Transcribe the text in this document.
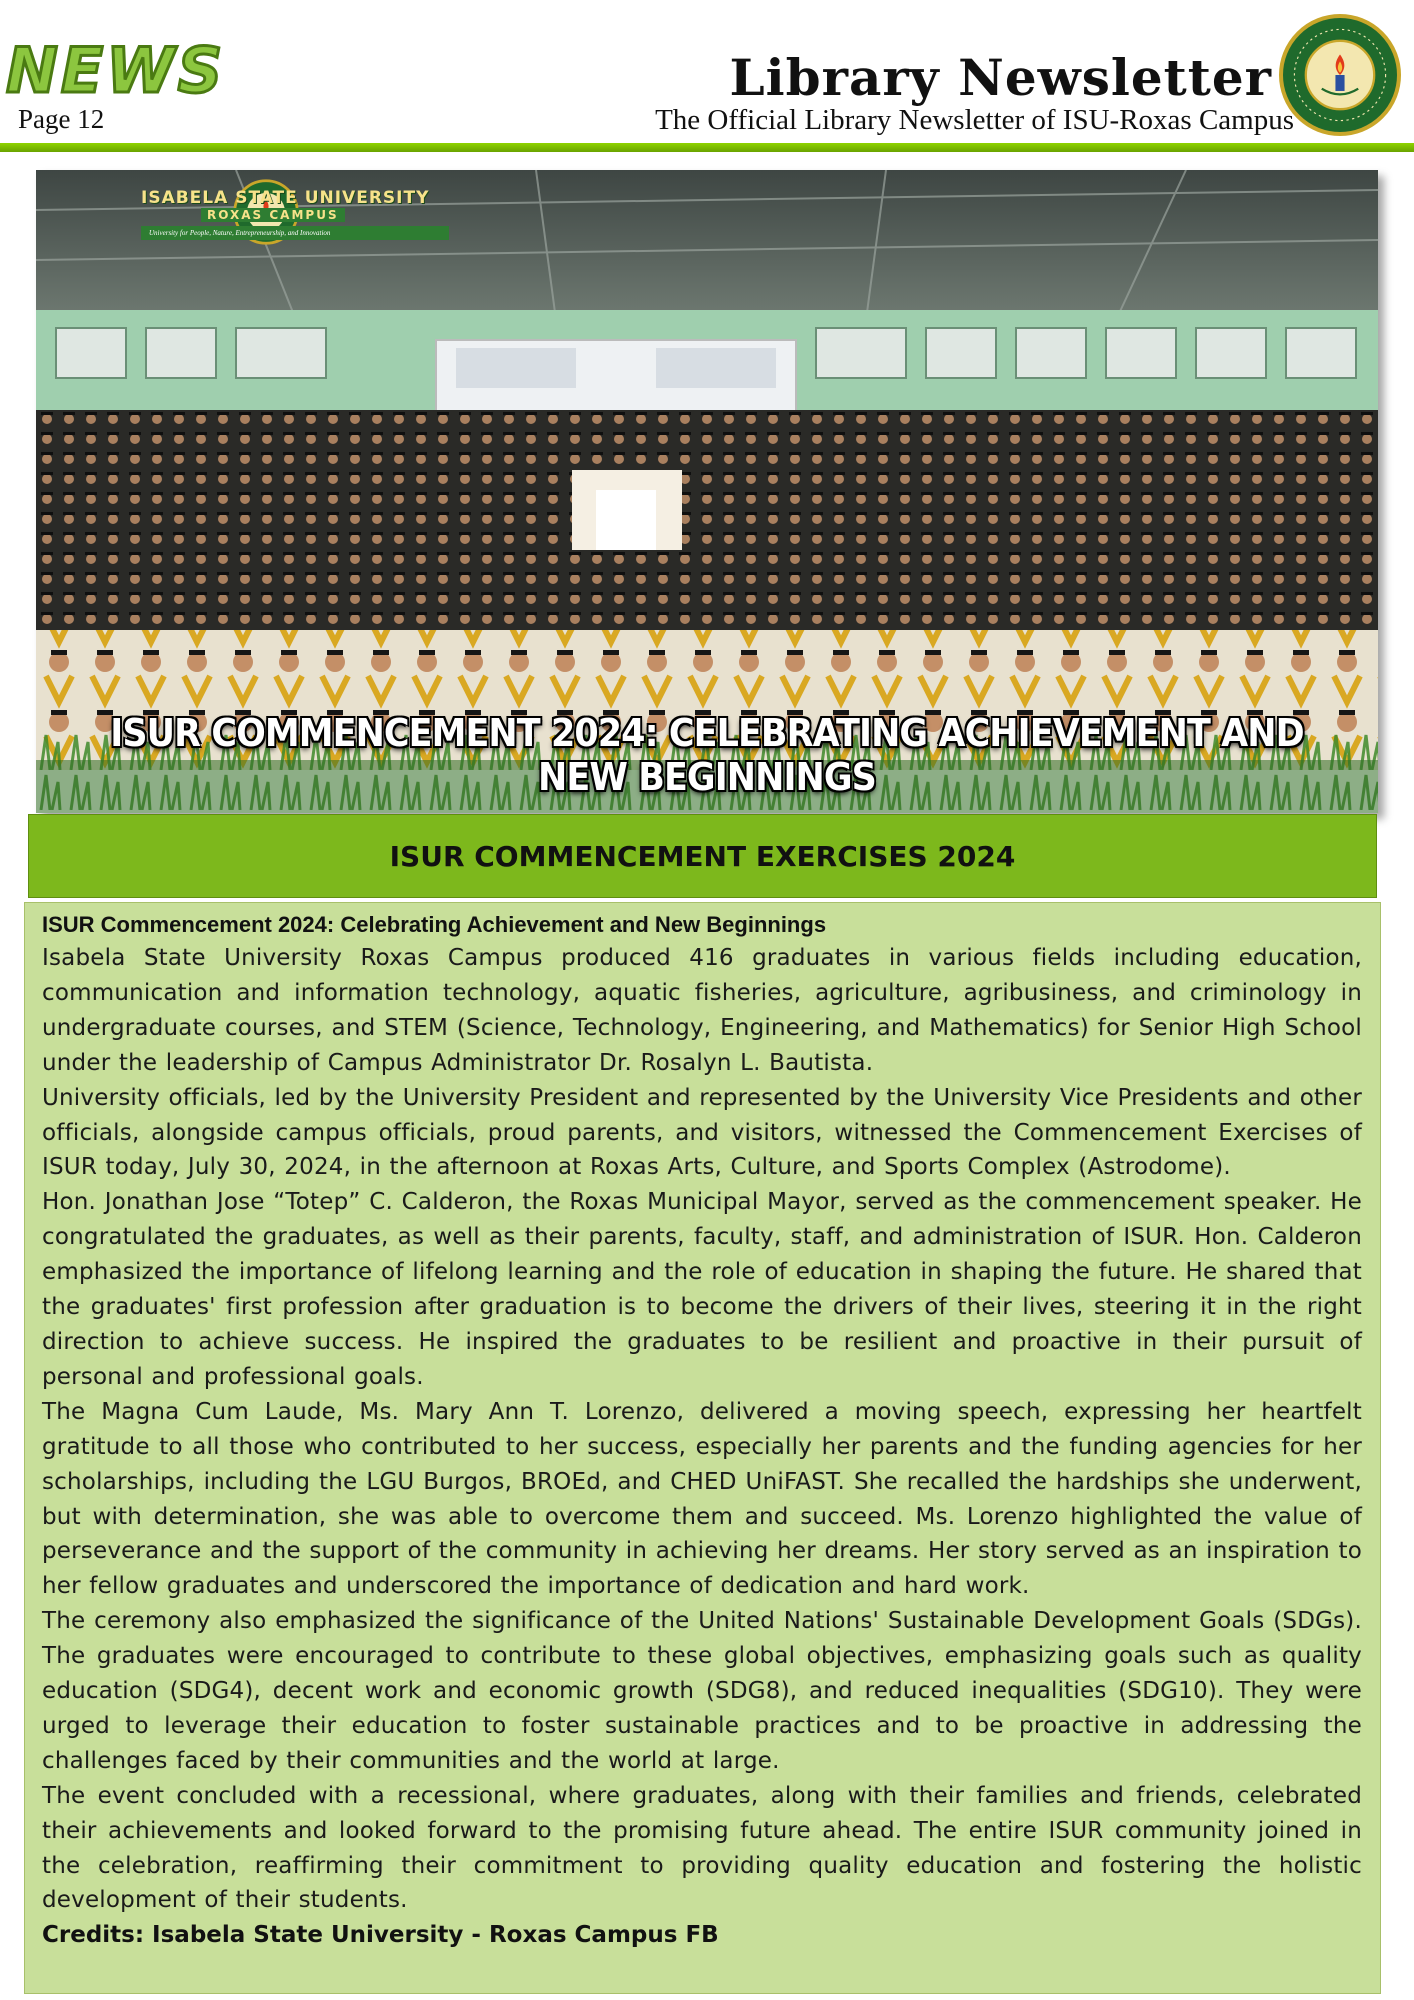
NEWS
Page 12
Library Newsletter
The Official Library Newsletter of ISU-Roxas Campus
ISABELA STATE UNIVERSITY
ROXAS CAMPUS
University for People, Nature, Entrepreneurship, and Innovation
ISUR COMMENCEMENT 2024: CELEBRATING ACHIEVEMENT AND NEW BEGINNINGS
ISUR COMMENCEMENT EXERCISES 2024
ISUR Commencement 2024: Celebrating Achievement and New Beginnings

Isabela State University Roxas Campus produced 416 graduates in various fields including education, communication and information technology, aquatic fisheries, agriculture, agribusiness, and criminology in undergraduate courses, and STEM (Science, Technology, Engineering, and Mathematics) for Senior High School under the leadership of Campus Administrator Dr. Rosalyn L. Bautista.

University officials, led by the University President and represented by the University Vice Presidents and other officials, alongside campus officials, proud parents, and visitors, witnessed the Commencement Exercises of ISUR today, July 30, 2024, in the afternoon at Roxas Arts, Culture, and Sports Complex (Astrodome).

Hon. Jonathan Jose “Totep” C. Calderon, the Roxas Municipal Mayor, served as the commencement speaker. He congratulated the graduates, as well as their parents, faculty, staff, and administration of ISUR. Hon. Calderon emphasized the importance of lifelong learning and the role of education in shaping the future. He shared that the graduates' first profession after graduation is to become the drivers of their lives, steering it in the right direction to achieve success. He inspired the graduates to be resilient and proactive in their pursuit of personal and professional goals.

The Magna Cum Laude, Ms. Mary Ann T. Lorenzo, delivered a moving speech, expressing her heartfelt gratitude to all those who contributed to her success, especially her parents and the funding agencies for her scholarships, including the LGU Burgos, BROEd, and CHED UniFAST. She recalled the hardships she underwent, but with determination, she was able to overcome them and succeed. Ms. Lorenzo highlighted the value of perseverance and the support of the community in achieving her dreams. Her story served as an inspiration to her fellow graduates and underscored the importance of dedication and hard work.

The ceremony also emphasized the significance of the United Nations' Sustainable Development Goals (SDGs). The graduates were encouraged to contribute to these global objectives, emphasizing goals such as quality education (SDG4), decent work and economic growth (SDG8), and reduced inequalities (SDG10). They were urged to leverage their education to foster sustainable practices and to be proactive in addressing the challenges faced by their communities and the world at large.

The event concluded with a recessional, where graduates, along with their families and friends, celebrated their achievements and looked forward to the promising future ahead. The entire ISUR community joined in the celebration, reaffirming their commitment to providing quality education and fostering the holistic development of their students.

Credits: Isabela State University - Roxas Campus FB
